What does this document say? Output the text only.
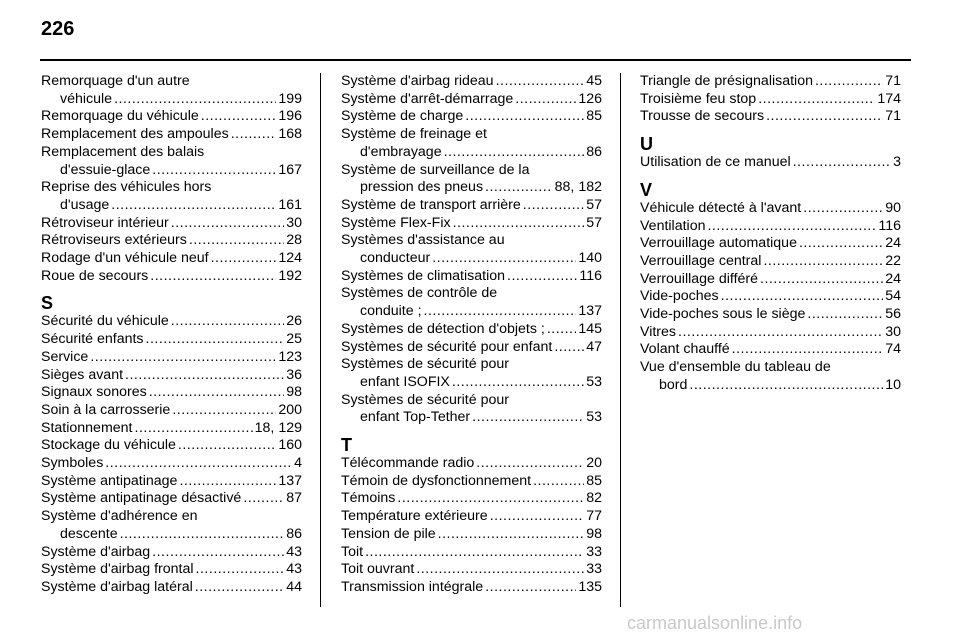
226
Remorquage d'un autre
véhicule .....	199
Remorquage du véhicule .....	196
Remplacement des ampoules .....	168
Remplacement des balais
d'essuie-glace .....	167
Reprise des véhicules hors
d'usage .....	161
Rétroviseur intérieur .....	30
Rétroviseurs extérieurs .....	28
Rodage d'un véhicule neuf .....	124
Roue de secours .....	192
S
Sécurité du véhicule .....	26
Sécurité enfants .....	25
Service .....	123
Sièges avant .....	36
Signaux sonores .....	98
Soin à la carrosserie .....	200
Stationnement .....	18, 129
Stockage du véhicule .....	160
Symboles .....	4
Système antipatinage .....	137
Système antipatinage désactivé .....	87
Système d'adhérence en
descente .....	86
Système d'airbag .....	43
Système d'airbag frontal .....	43
Système d'airbag latéral .....	44
Système d'airbag rideau .....	45
Système d'arrêt-démarrage .....	126
Système de charge .....	85
Système de freinage et
d'embrayage .....	86
Système de surveillance de la
pression des pneus .....	88, 182
Système de transport arrière .....	57
Système Flex-Fix .....	57
Systèmes d'assistance au
conducteur .....	140
Systèmes de climatisation .....	116
Systèmes de contrôle de
conduite ; .....	137
Systèmes de détection d'objets ; ..... 145
Systèmes de sécurité pour enfant ..... 47
Systèmes de sécurité pour
enfant ISOFIX .....	53
Systèmes de sécurité pour
enfant Top-Tether .....	53
T
Télécommande radio .....	20
Témoin de dysfonctionnement .....	85
Témoins .....	82
Température extérieure .....	77
Tension de pile .....	98
Toit .....	33
Toit ouvrant .....	33
Transmission intégrale .....	135
Triangle de présignalisation .....	71
Troisième feu stop .....	174
Trousse de secours .....	71
U
Utilisation de ce manuel .....	3
V
Véhicule détecté à l'avant .....	90
Ventilation .....	116
Verrouillage automatique .....	24
Verrouillage central .....	22
Verrouillage différé .....	24
Vide-poches .....	54
Vide-poches sous le siège .....	56
Vitres .....	30
Volant chauffé .....	74
Vue d'ensemble du tableau de
bord .....	10
carmanualsonline.info
